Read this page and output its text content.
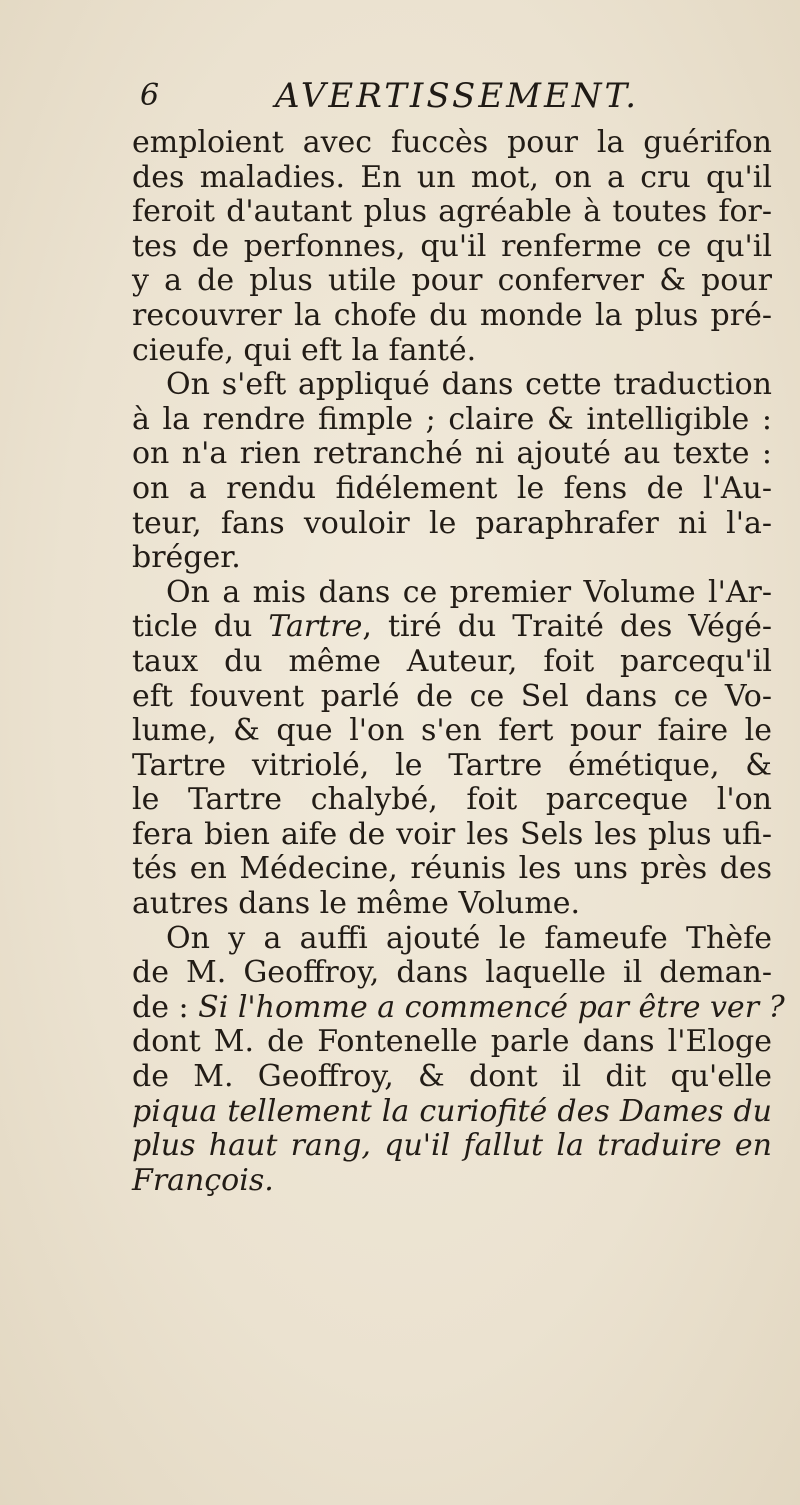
6	AVERTISSEMENT.
emploient avec fuccès pour la guérifon
des maladies. En un mot, on a cru qu'il
feroit d'autant plus agréable à toutes for-
tes de perfonnes, qu'il renferme ce qu'il
y a de plus utile pour conferver & pour
recouvrer la chofe du monde la plus pré-
cieufe, qui eft la fanté.
On s'eft appliqué dans cette traduction
à la rendre fimple ; claire & intelligible :
on n'a rien retranché ni ajouté au texte :
on a rendu fidélement le fens de l'Au-
teur, fans vouloir le paraphrafer ni l'a-
bréger.
On a mis dans ce premier Volume l'Ar-
ticle du Tartre, tiré du Traité des Végé-
taux du même Auteur, foit parcequ'il
eft fouvent parlé de ce Sel dans ce Vo-
lume, & que l'on s'en fert pour faire le
Tartre vitriolé, le Tartre émétique, &
le Tartre chalybé, foit parceque l'on
fera bien aife de voir les Sels les plus ufi-
tés en Médecine, réunis les uns près des
autres dans le même Volume.
On y a auffi ajouté le fameufe Thèfe
de M. Geoffroy, dans laquelle il deman-
de : Si l'homme a commencé par être ver ?
dont M. de Fontenelle parle dans l'Eloge
de M. Geoffroy, & dont il dit qu'elle
piqua tellement la curiofité des Dames du
plus haut rang, qu'il fallut la traduire en
François.
